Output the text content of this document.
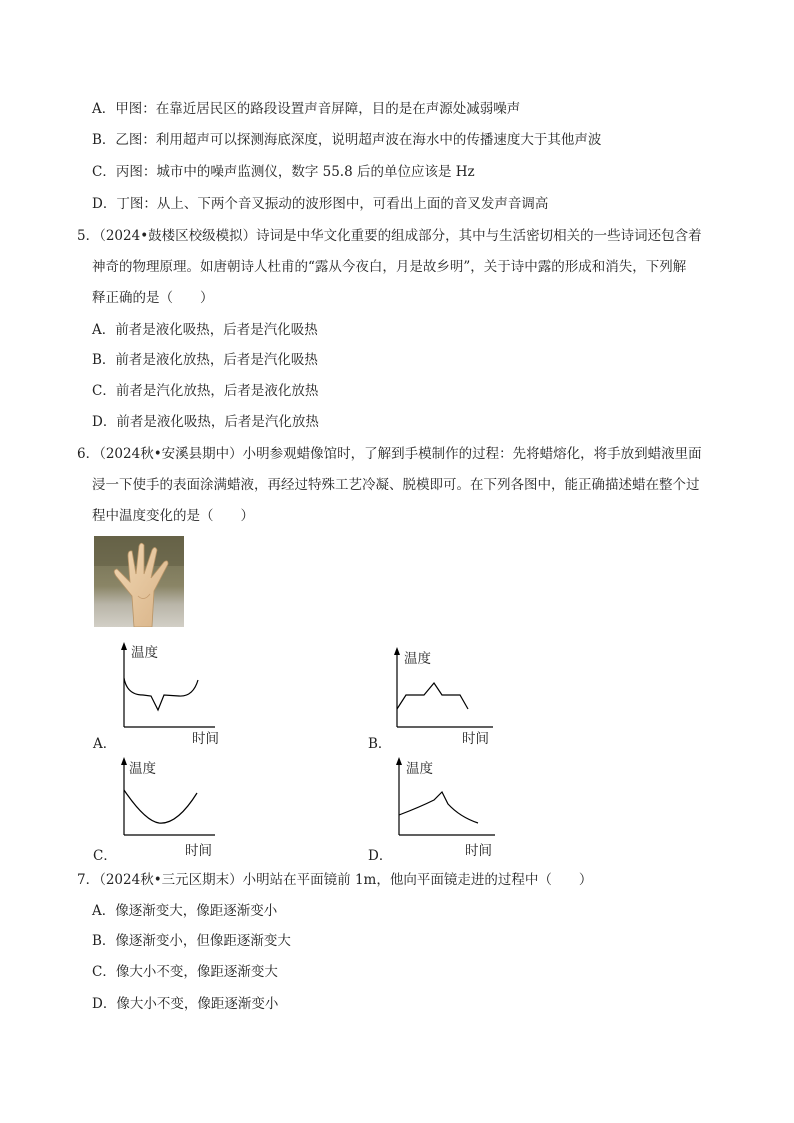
A．甲图：在靠近居民区的路段设置声音屏障，目的是在声源处减弱噪声
B．乙图：利用超声可以探测海底深度，说明超声波在海水中的传播速度大于其他声波
C．丙图：城市中的噪声监测仪，数字 55.8 后的单位应该是 Hz
D．丁图：从上、下两个音叉振动的波形图中，可看出上面的音叉发声音调高
5．（2024•鼓楼区校级模拟）诗词是中华文化重要的组成部分，其中与生活密切相关的一些诗词还包含着
神奇的物理原理。如唐朝诗人杜甫的“露从今夜白，月是故乡明”，关于诗中露的形成和消失，下列解
释正确的是（　　）
A．前者是液化吸热，后者是汽化吸热
B．前者是液化放热，后者是汽化吸热
C．前者是汽化放热，后者是液化放热
D．前者是液化吸热，后者是汽化放热
6．（2024秋•安溪县期中）小明参观蜡像馆时，了解到手模制作的过程：先将蜡熔化，将手放到蜡液里面
浸一下使手的表面涂满蜡液，再经过特殊工艺冷凝、脱模即可。在下列各图中，能正确描述蜡在整个过
程中温度变化的是（　　）
温度
A．	时间
温度
B．	时间
温度
C．	时间
温度
D．	时间
7．（2024秋•三元区期末）小明站在平面镜前 1m，他向平面镜走进的过程中（　　）
A．像逐渐变大，像距逐渐变小
B．像逐渐变小，但像距逐渐变大
C．像大小不变，像距逐渐变大
D．像大小不变，像距逐渐变小
